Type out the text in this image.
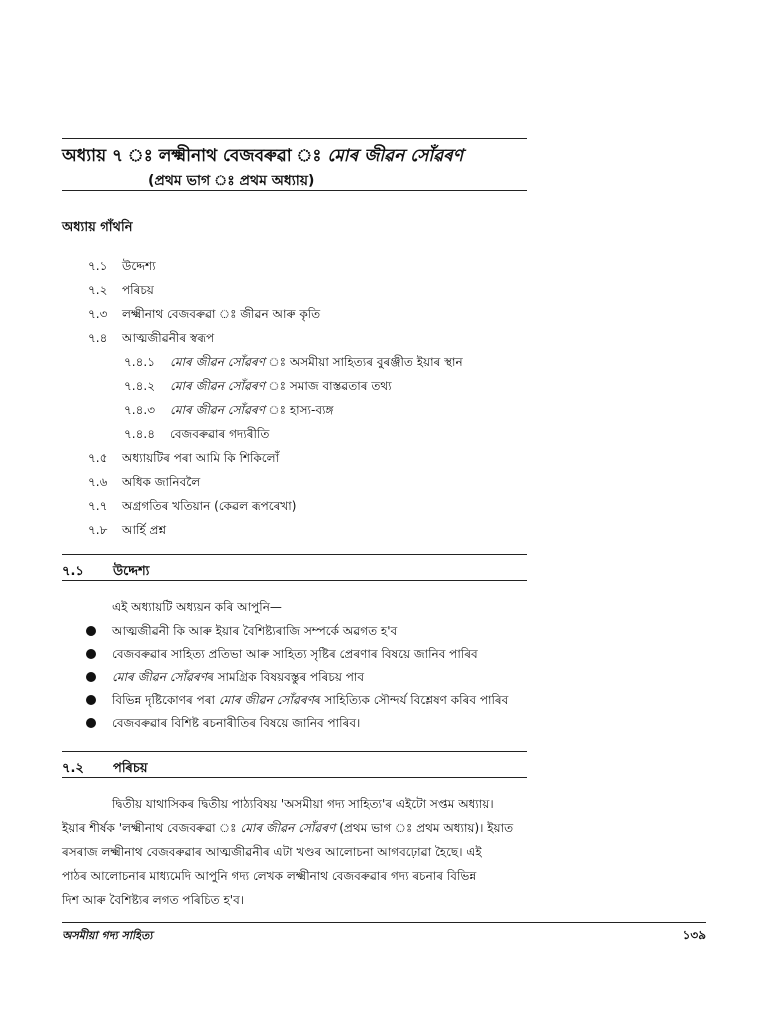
অধ্যায় ৭ ঃ লক্ষ্মীনাথ বেজবৰুৱা ঃ মোৰ জীৱন সোঁৱৰণ
(প্ৰথম ভাগ ঃ প্ৰথম অধ্যায়)
অধ্যায় গাঁথনি
৭.১ উদ্দেশ্য
৭.২ পৰিচয়
৭.৩ লক্ষ্মীনাথ বেজবৰুৱা ঃ জীৱন আৰু কৃতি
৭.৪ আত্মজীৱনীৰ স্বৰূপ
৭.৪.১ মোৰ জীৱন সোঁৱৰণ ঃ অসমীয়া সাহিত্যৰ বুৰঞ্জীত ইয়াৰ স্থান
৭.৪.২ মোৰ জীৱন সোঁৱৰণ ঃ সমাজ বাস্তৱতাৰ তথ্য
৭.৪.৩ মোৰ জীৱন সোঁৱৰণ ঃ হাস্য-ব্যঙ্গ
৭.৪.৪ বেজবৰুৱাৰ গদ্যৰীতি
৭.৫ অধ্যায়টিৰ পৰা আমি কি শিকিলোঁ
৭.৬ অধিক জানিবলৈ
৭.৭ অগ্ৰগতিৰ খতিয়ান (কেৱল ৰূপৰেখা)
৭.৮ আৰ্হি প্ৰশ্ন
৭.১ উদ্দেশ্য
এই অধ্যায়টি অধ্যয়ন কৰি আপুনি—
আত্মজীৱনী কি আৰু ইয়াৰ বৈশিষ্ট্যৰাজি সম্পৰ্কে অৱগত হ'ব
বেজবৰুৱাৰ সাহিত্য প্ৰতিভা আৰু সাহিত্য সৃষ্টিৰ প্ৰেৰণাৰ বিষয়ে জানিব পাৰিব
মোৰ জীৱন সোঁৱৰণৰ সামগ্ৰিক বিষয়বস্তুৰ পৰিচয় পাব
বিভিন্ন দৃষ্টিকোণৰ পৰা মোৰ জীৱন সোঁৱৰণৰ সাহিত্যিক সৌন্দৰ্য বিশ্লেষণ কৰিব পাৰিব
বেজবৰুৱাৰ বিশিষ্ট ৰচনাৰীতিৰ বিষয়ে জানিব পাৰিব।
৭.২ পৰিচয়
দ্বিতীয় যাথাসিকৰ দ্বিতীয় পাঠ্যবিষয় 'অসমীয়া গদ্য সাহিত্য'ৰ এইটো সপ্তম অধ্যায়।
ইয়াৰ শীৰ্ষক 'লক্ষ্মীনাথ বেজবৰুৱা ঃ মোৰ জীৱন সোঁৱৰণ (প্ৰথম ভাগ ঃ প্ৰথম অধ্যায়)। ইয়াত
ৰসৰাজ লক্ষ্মীনাথ বেজবৰুৱাৰ আত্মজীৱনীৰ এটা খণ্ডৰ আলোচনা আগবঢ়োৱা হৈছে। এই
পাঠৰ আলোচনাৰ মাধ্যমেদি আপুনি গদ্য লেখক লক্ষ্মীনাথ বেজবৰুৱাৰ গদ্য ৰচনাৰ বিভিন্ন
দিশ আৰু বৈশিষ্ট্যৰ লগত পৰিচিত হ'ব।
অসমীয়া গদ্য সাহিত্য	১৩৯
